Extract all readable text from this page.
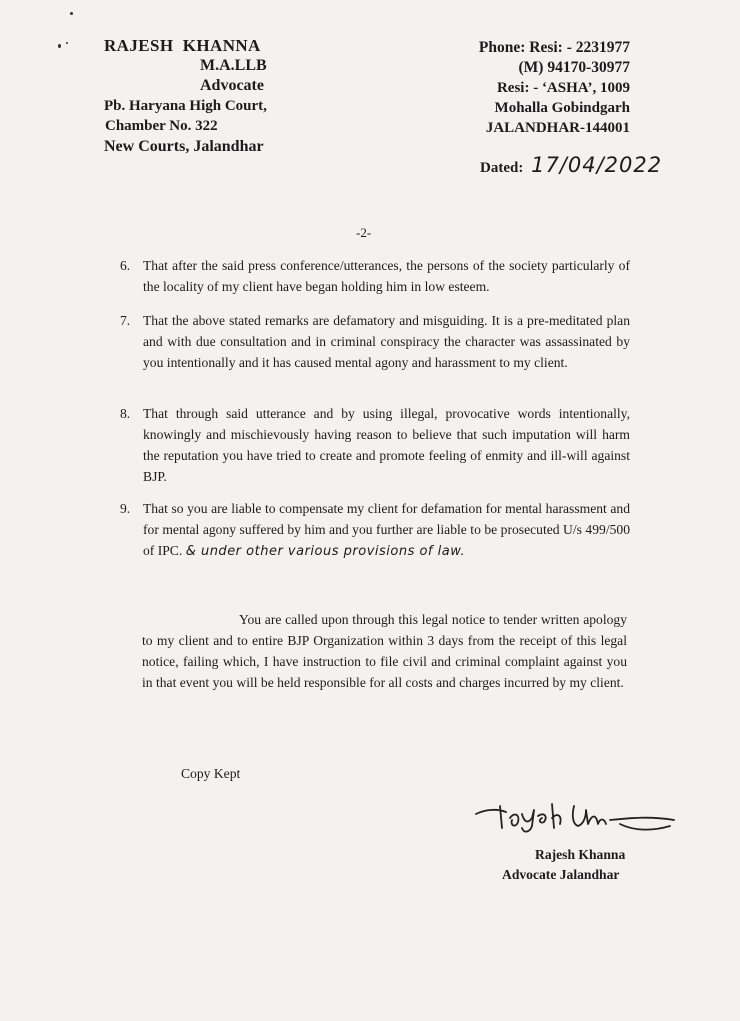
RAJESH  KHANNA
M.A.LLB
Advocate
Pb. Haryana High Court,
Chamber No. 322
New Courts, Jalandhar
Phone: Resi: - 2231977
(M) 94170-30977
Resi: - ‘ASHA’, 1009
Mohalla Gobindgarh
JALANDHAR-144001
Dated: 17/04/2022
-2-
6. That after the said press conference/utterances, the persons of the society particularly of the locality of my client have began holding him in low esteem.
7. That the above stated remarks are defamatory and misguiding. It is a pre-meditated plan and with due consultation and in criminal conspiracy the character was assassinated by you intentionally and it has caused mental agony and harassment to my client.
8. That through said utterance and by using illegal, provocative words intentionally, knowingly and mischievously having reason to believe that such imputation will harm the reputation you have tried to create and promote feeling of enmity and ill-will against BJP.
9. That so you are liable to compensate my client for defamation for mental harassment and for mental agony suffered by him and you further are liable to be prosecuted U/s 499/500 of IPC. & under other various provisions of law.
You are called upon through this legal notice to tender written apology to my client and to entire BJP Organization within 3 days from the receipt of this legal notice, failing which, I have instruction to file civil and criminal complaint against you in that event you will be held responsible for all costs and charges incurred by my client.
Copy Kept
Rajesh Khanna
Advocate Jalandhar
